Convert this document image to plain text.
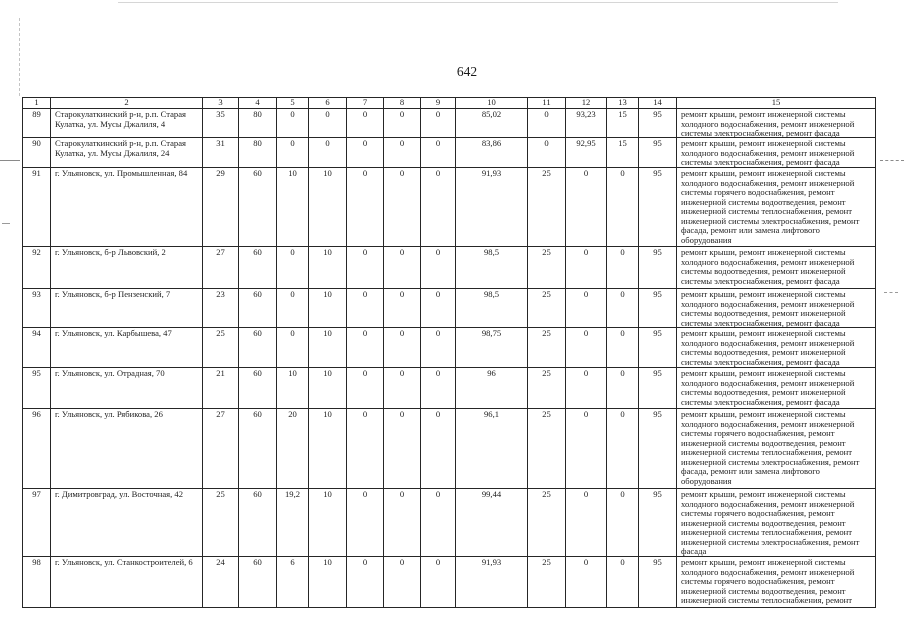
642
1	2	3	4	5	6	7	8	9	10	11	12	13	14	15

89	Старокулаткинский р-н, р.п. Старая Кулатка, ул. Мусы Джалиля, 4	35	80	0	0	0	0	0	85,02	0	93,23	15	95	ремонт крыши, ремонт инженерной системы холодного водоснабжения, ремонт инженерной системы электроснабжения, ремонт фасада

90	Старокулаткинский р-н, р.п. Старая Кулатка, ул. Мусы Джалиля, 24	31	80	0	0	0	0	0	83,86	0	92,95	15	95	ремонт крыши, ремонт инженерной системы холодного водоснабжения, ремонт инженерной системы электроснабжения, ремонт фасада

91	г. Ульяновск, ул. Промышленная, 84	29	60	10	10	0	0	0	91,93	25	0	0	95	ремонт крыши, ремонт инженерной системы холодного водоснабжения, ремонт инженерной системы горячего водоснабжения, ремонт инженерной системы водоотведения, ремонт инженерной системы теплоснабжения, ремонт инженерной системы электроснабжения, ремонт фасада, ремонт или замена лифтового оборудования

92	г. Ульяновск, б-р Львовский, 2	27	60	0	10	0	0	0	98,5	25	0	0	95	ремонт крыши, ремонт инженерной системы холодного водоснабжения, ремонт инженерной системы водоотведения, ремонт инженерной системы электроснабжения, ремонт фасада

93	г. Ульяновск, б-р Пензенский, 7	23	60	0	10	0	0	0	98,5	25	0	0	95	ремонт крыши, ремонт инженерной системы холодного водоснабжения, ремонт инженерной системы водоотведения, ремонт инженерной системы электроснабжения, ремонт фасада

94	г. Ульяновск, ул. Карбышева, 47	25	60	0	10	0	0	0	98,75	25	0	0	95	ремонт крыши, ремонт инженерной системы холодного водоснабжения, ремонт инженерной системы водоотведения, ремонт инженерной системы электроснабжения, ремонт фасада

95	г. Ульяновск, ул. Отрадная, 70	21	60	10	10	0	0	0	96	25	0	0	95	ремонт крыши, ремонт инженерной системы холодного водоснабжения, ремонт инженерной системы водоотведения, ремонт инженерной системы электроснабжения, ремонт фасада

96	г. Ульяновск, ул. Рябикова, 26	27	60	20	10	0	0	0	96,1	25	0	0	95	ремонт крыши, ремонт инженерной системы холодного водоснабжения, ремонт инженерной системы горячего водоснабжения, ремонт инженерной системы водоотведения, ремонт инженерной системы теплоснабжения, ремонт инженерной системы электроснабжения, ремонт фасада, ремонт или замена лифтового оборудования

97	г. Димитровград, ул. Восточная, 42	25	60	19,2	10	0	0	0	99,44	25	0	0	95	ремонт крыши, ремонт инженерной системы холодного водоснабжения, ремонт инженерной системы горячего водоснабжения, ремонт инженерной системы водоотведения, ремонт инженерной системы теплоснабжения, ремонт инженерной системы электроснабжения, ремонт фасада

98	г. Ульяновск, ул. Станкостроителей, 6	24	60	6	10	0	0	0	91,93	25	0	0	95	ремонт крыши, ремонт инженерной системы холодного водоснабжения, ремонт инженерной системы горячего водоснабжения, ремонт инженерной системы водоотведения, ремонт инженерной системы теплоснабжения, ремонт
